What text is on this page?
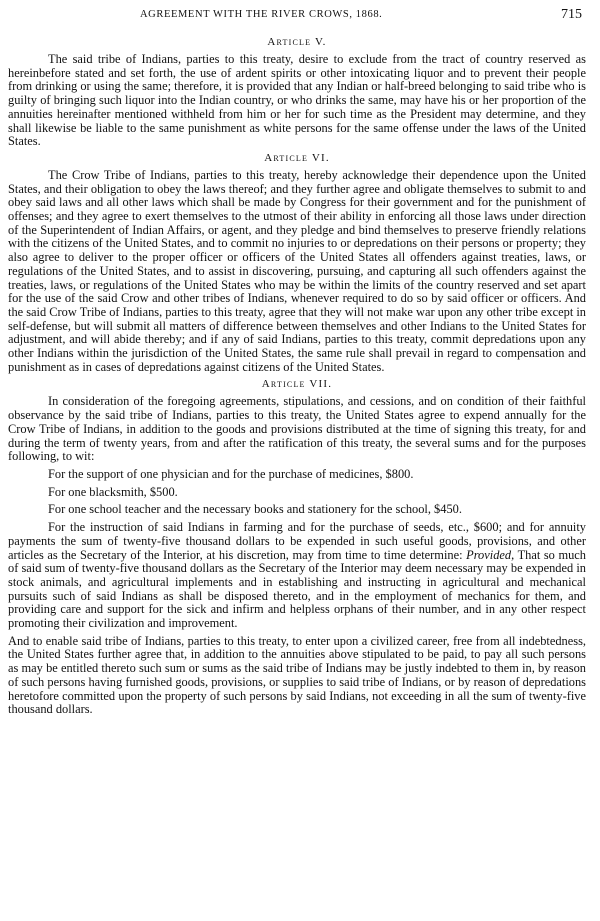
AGREEMENT WITH THE RIVER CROWS, 1868.	715
Article V.

The said tribe of Indians, parties to this treaty, desire to exclude from the tract of country reserved as hereinbefore stated and set forth, the use of ardent spirits or other intoxicating liquor and to prevent their people from drinking or using the same; therefore, it is provided that any Indian or half-breed belonging to said tribe who is guilty of bringing such liquor into the Indian country, or who drinks the same, may have his or her proportion of the annuities hereinafter mentioned withheld from him or her for such time as the President may determine, and they shall likewise be liable to the same punishment as white persons for the same offense under the laws of the United States.

Article VI.

The Crow Tribe of Indians, parties to this treaty, hereby acknowledge their dependence upon the United States, and their obligation to obey the laws thereof; and they further agree and obligate themselves to submit to and obey said laws and all other laws which shall be made by Congress for their government and for the punishment of offenses; and they agree to exert themselves to the utmost of their ability in enforcing all those laws under direction of the Superintendent of Indian Affairs, or agent, and they pledge and bind themselves to preserve friendly relations with the citizens of the United States, and to commit no injuries to or depredations on their persons or property; they also agree to deliver to the proper officer or officers of the United States all offenders against treaties, laws, or regulations of the United States, and to assist in discovering, pursuing, and capturing all such offenders against the treaties, laws, or regulations of the United States who may be within the limits of the country reserved and set apart for the use of the said Crow and other tribes of Indians, whenever required to do so by said officer or officers. And the said Crow Tribe of Indians, parties to this treaty, agree that they will not make war upon any other tribe except in self-defense, but will submit all matters of difference between themselves and other Indians to the United States for adjustment, and will abide thereby; and if any of said Indians, parties to this treaty, commit depredations upon any other Indians within the jurisdiction of the United States, the same rule shall prevail in regard to compensation and punishment as in cases of depredations against citizens of the United States.

Article VII.

In consideration of the foregoing agreements, stipulations, and cessions, and on condition of their faithful observance by the said tribe of Indians, parties to this treaty, the United States agree to expend annually for the Crow Tribe of Indians, in addition to the goods and provisions distributed at the time of signing this treaty, for and during the term of twenty years, from and after the ratification of this treaty, the several sums and for the purposes following, to wit:

For the support of one physician and for the purchase of medicines, $800.

For one blacksmith, $500.

For one school teacher and the necessary books and stationery for the school, $450.

For the instruction of said Indians in farming and for the purchase of seeds, etc., $600; and for annuity payments the sum of twenty-five thousand dollars to be expended in such useful goods, provisions, and other articles as the Secretary of the Interior, at his discretion, may from time to time determine: Provided, That so much of said sum of twenty-five thousand dollars as the Secretary of the Interior may deem necessary may be expended in stock animals, and agricultural implements and in establishing and instructing in agricultural and mechanical pursuits such of said Indians as shall be disposed thereto, and in the employment of mechanics for them, and providing care and support for the sick and infirm and helpless orphans of their number, and in any other respect promoting their civilization and improvement.

And to enable said tribe of Indians, parties to this treaty, to enter upon a civilized career, free from all indebtedness, the United States further agree that, in addition to the annuities above stipulated to be paid, to pay all such persons as may be entitled thereto such sum or sums as the said tribe of Indians may be justly indebted to them in, by reason of such persons having furnished goods, provisions, or supplies to said tribe of Indians, or by reason of depredations heretofore committed upon the property of such persons by said Indians, not exceeding in all the sum of twenty-five thousand dollars.
